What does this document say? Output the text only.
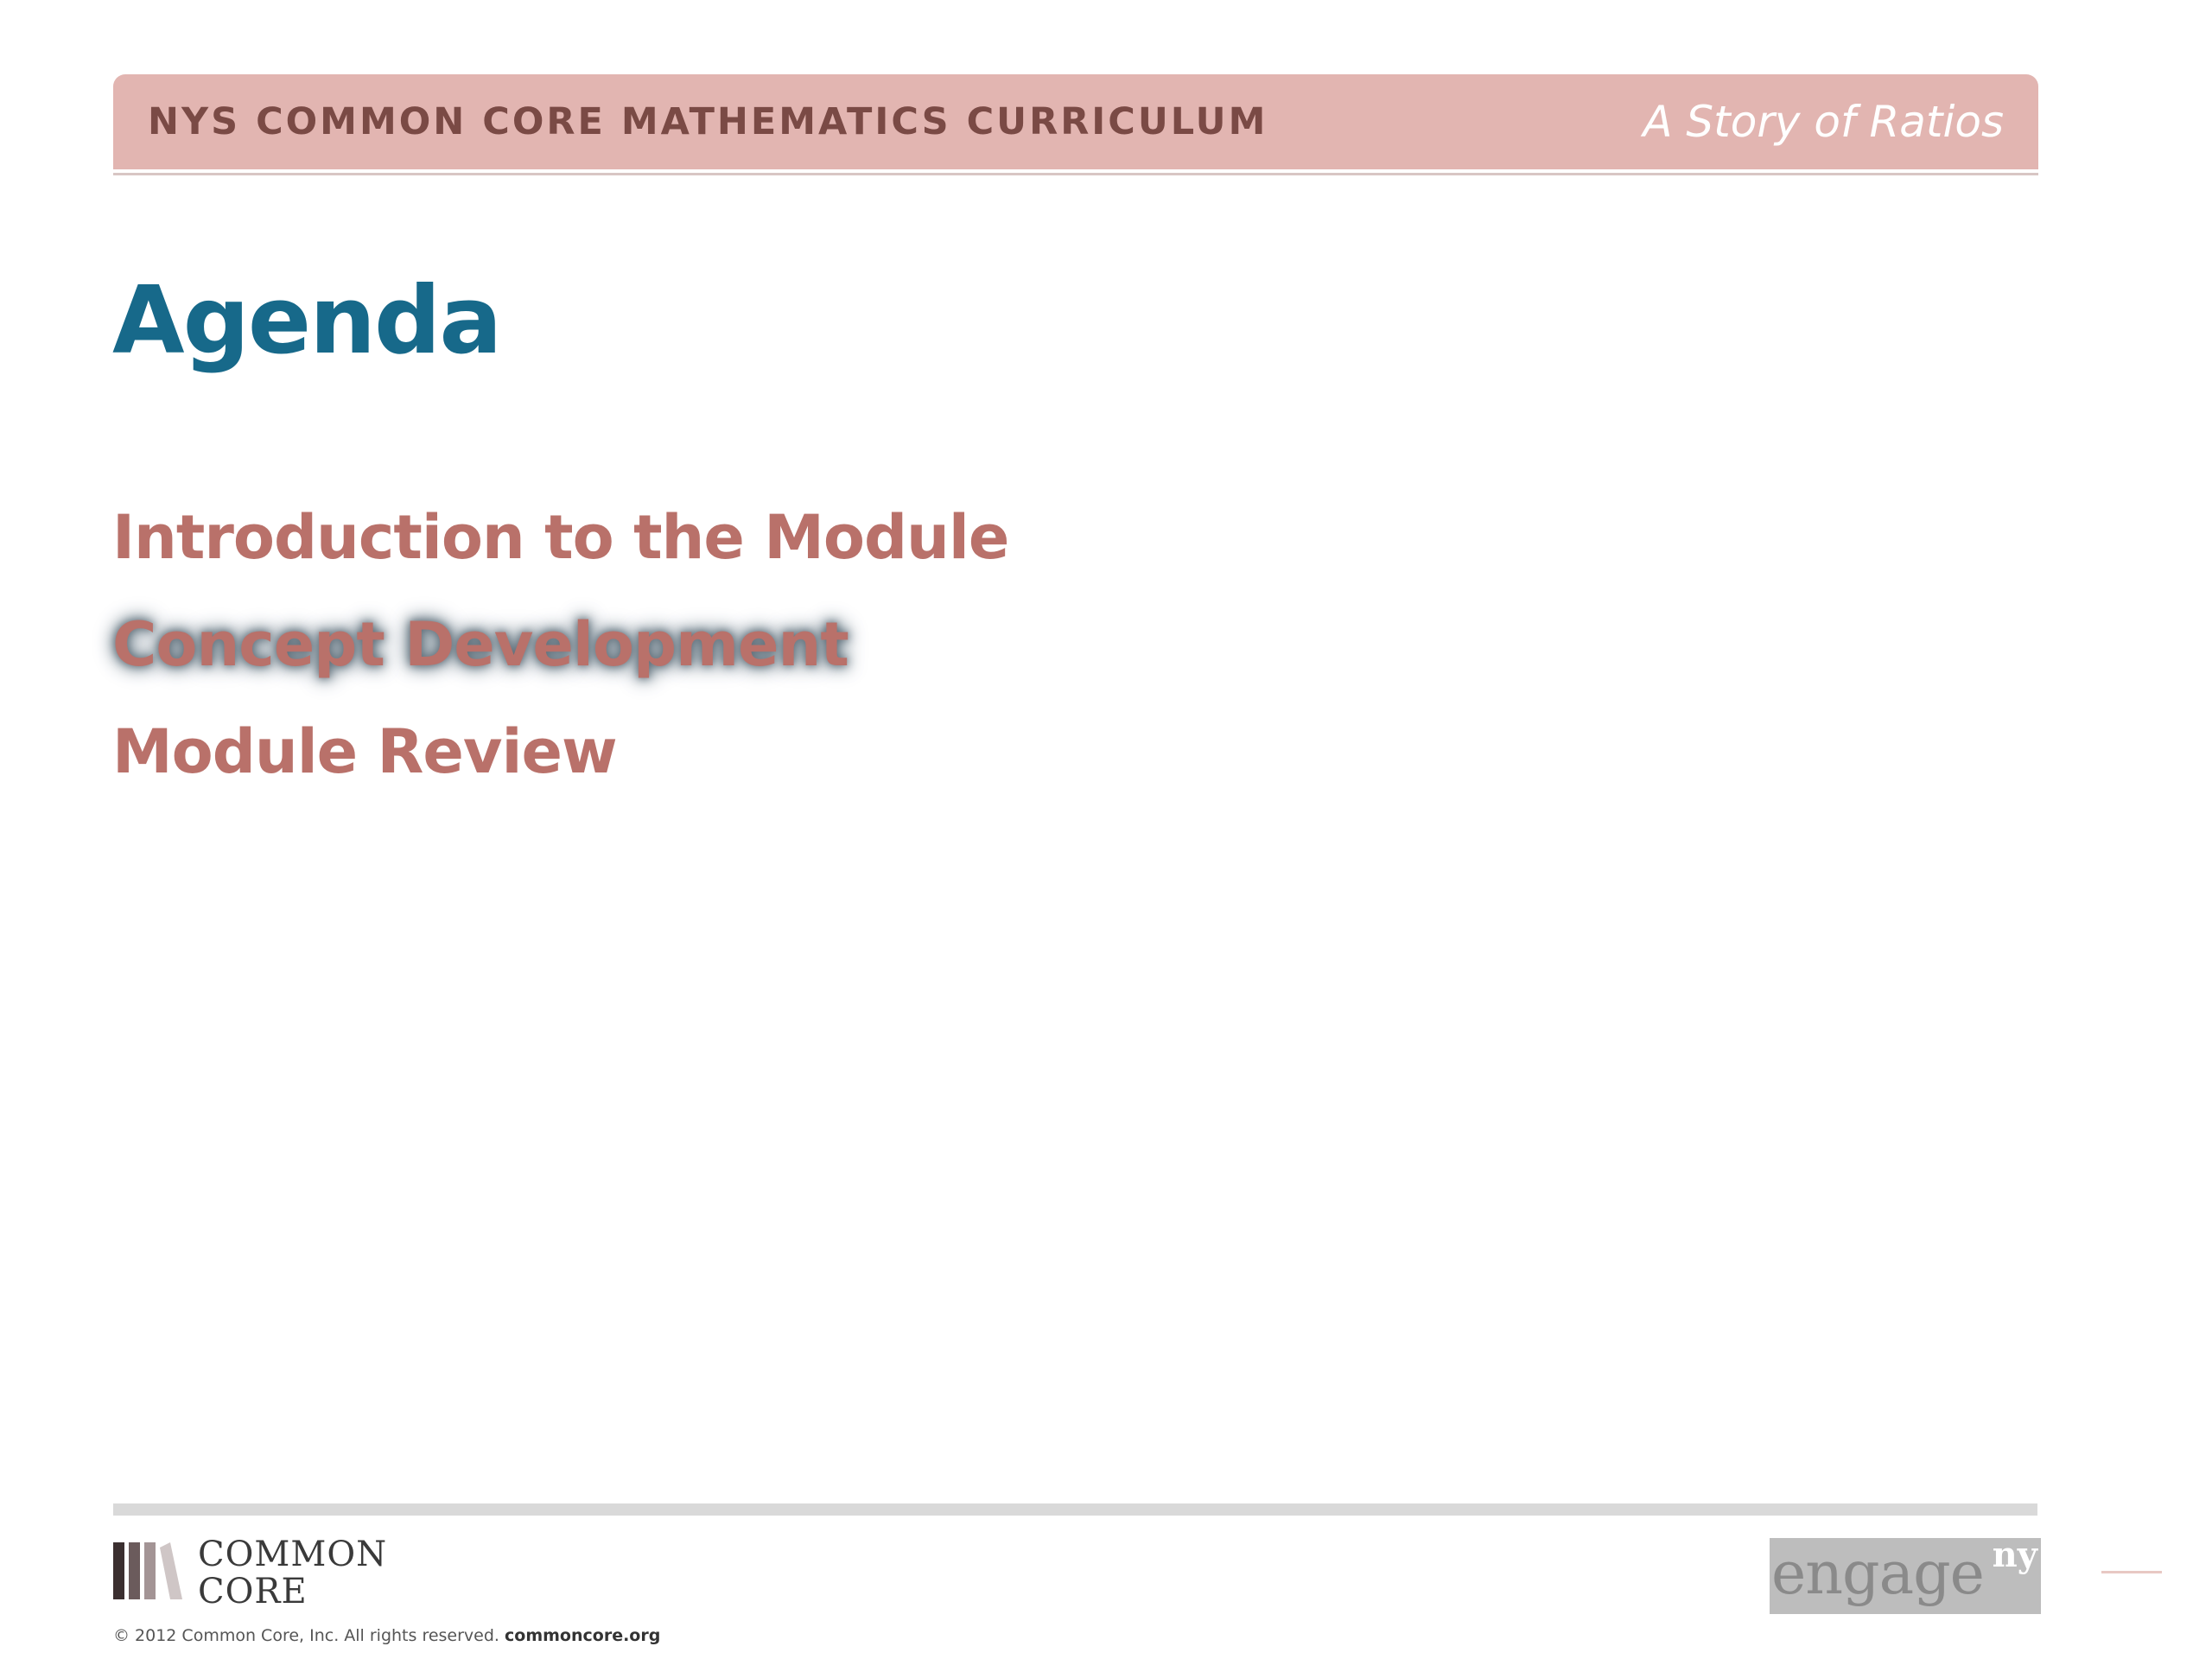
NYS COMMON CORE MATHEMATICS CURRICULUM	A Story of Ratios
Agenda
Introduction to the Module
Concept Development
Module Review
COMMON
CORE
© 2012 Common Core, Inc. All rights reserved. commoncore.org
engage ny
